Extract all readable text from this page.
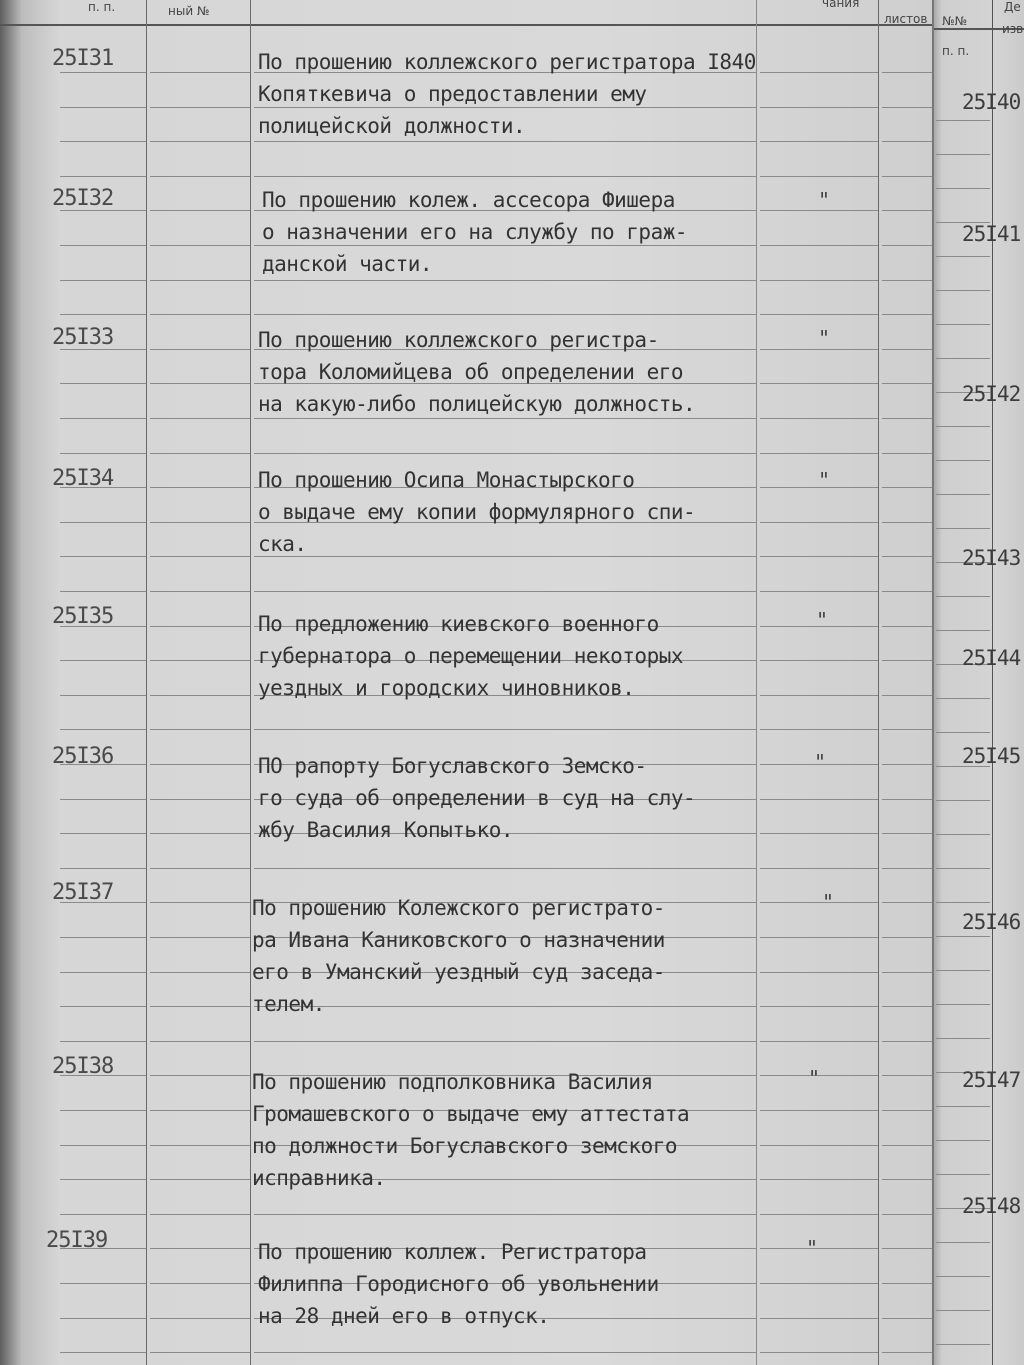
п. п.	ный №
чания
листов
25I31
25I32
25I33
25I34
25I35
25I36
25I37
25I38
25I39
По прошению коллежского регистратора I840
Копяткевича о предоставлении ему
полицейской должности.
По прошению колеж. ассесора Фишера
о назначении его на службу по граж-
данской части.
По прошению коллежского регистра-
тора Коломийцева об определении его
на какую-либо полицейскую должность.
По прошению Осипа Монастырского
о выдаче ему копии формулярного спи-
ска.
По предложению киевского военного
губернатора о перемещении некоторых
уездных и городских чиновников.
ПО рапорту Богуславского Земско-
го суда об определении в суд на слу-
жбу Василия Копытько.
По прошению Колежского регистрато-
ра Ивана Каниковского о назначении
его в Уманский уездный суд заседа-
телем.
По прошению подполковника Василия
Громашевского о выдаче ему аттестата
по должности Богуславского земского
исправника.
По прошению коллеж. Регистратора
Филиппа Городисного об увольнении
на 28 дней его в отпуск.
"
"
"
"
"
"
"
"
№№
п. п.
Де
изв
25I40
25I41
25I42
25I43
25I44
25I45
25I46
25I47
25I48
